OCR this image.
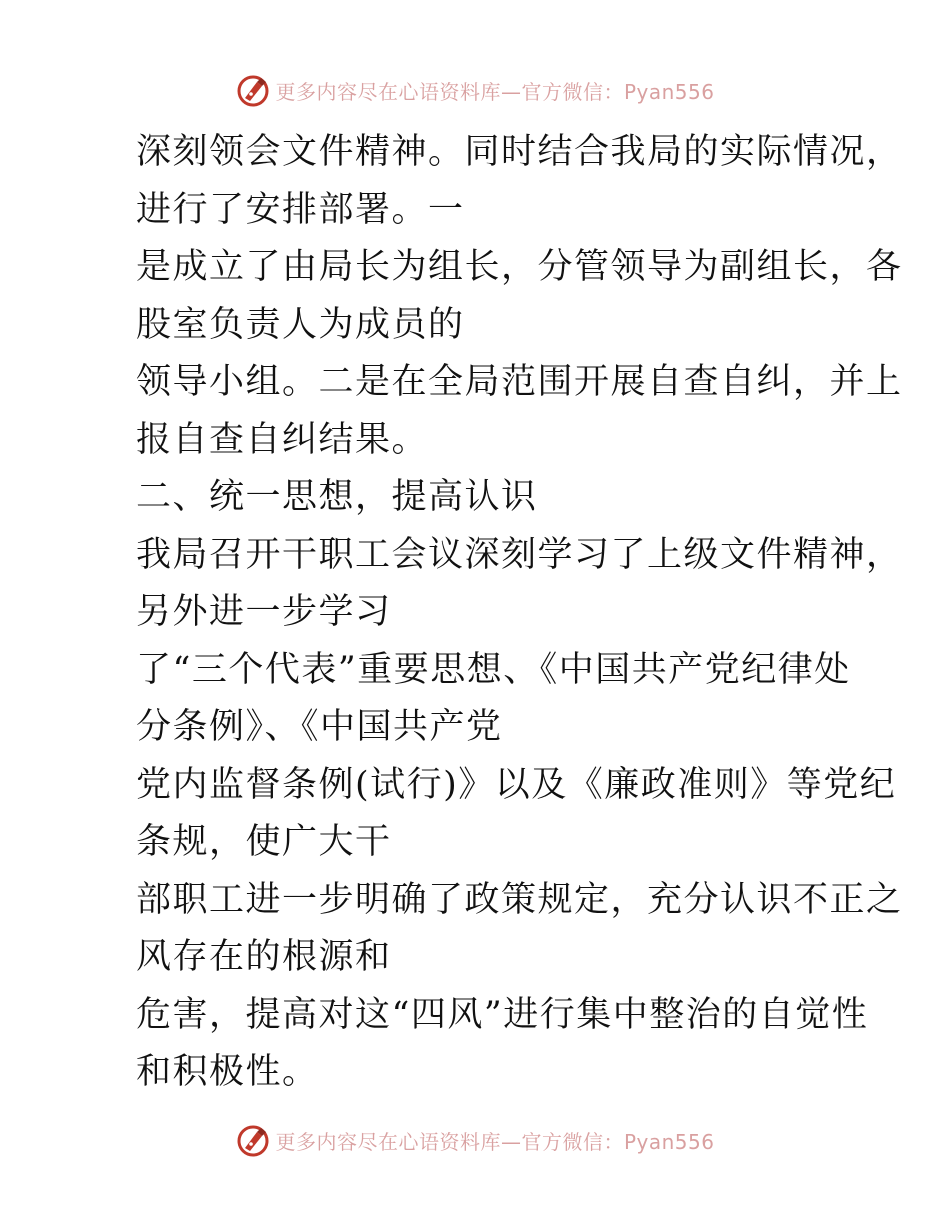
更多内容尽在心语资料库—官方微信：Pyan556

深刻领会文件精神。同时结合我局的实际情况，
进行了安排部署。一

是成立了由局长为组长，分管领导为副组长，各
股室负责人为成员的

领导小组。二是在全局范围开展自查自纠，并上
报自查自纠结果。

二、统一思想，提高认识

我局召开干职工会议深刻学习了上级文件精神，
另外进一步学习

了“三个代表”重要思想、《中国共产党纪律处
分条例》、《中国共产党

党内监督条例(试行)》以及《廉政准则》等党纪
条规，使广大干

部职工进一步明确了政策规定，充分认识不正之
风存在的根源和

危害，提高对这“四风”进行集中整治的自觉性
和积极性。

更多内容尽在心语资料库—官方微信：Pyan556
